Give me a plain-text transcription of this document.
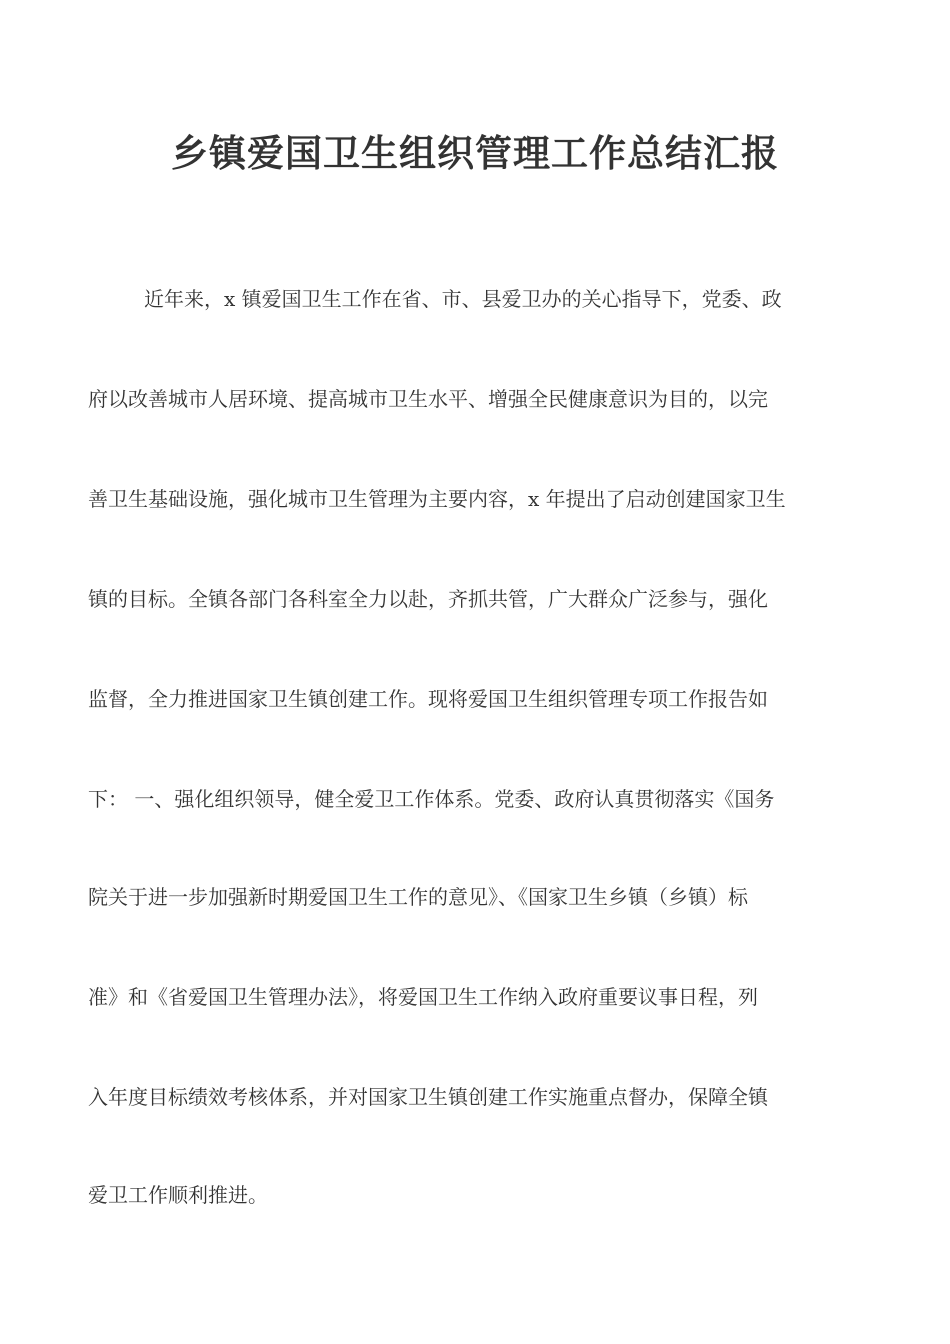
乡镇爱国卫生组织管理工作总结汇报
近年来，x 镇爱国卫生工作在省、市、县爱卫办的关心指导下，党委、政
府以改善城市人居环境、提高城市卫生水平、增强全民健康意识为目的，以完
善卫生基础设施，强化城市卫生管理为主要内容，x 年提出了启动创建国家卫生
镇的目标。全镇各部门各科室全力以赴，齐抓共管，广大群众广泛参与，强化
监督，全力推进国家卫生镇创建工作。现将爱国卫生组织管理专项工作报告如
下： 一、强化组织领导，健全爱卫工作体系。党委、政府认真贯彻落实《国务
院关于进一步加强新时期爱国卫生工作的意见》、《国家卫生乡镇（乡镇）标
准》和《省爱国卫生管理办法》，将爱国卫生工作纳入政府重要议事日程，列
入年度目标绩效考核体系，并对国家卫生镇创建工作实施重点督办，保障全镇
爱卫工作顺利推进。
